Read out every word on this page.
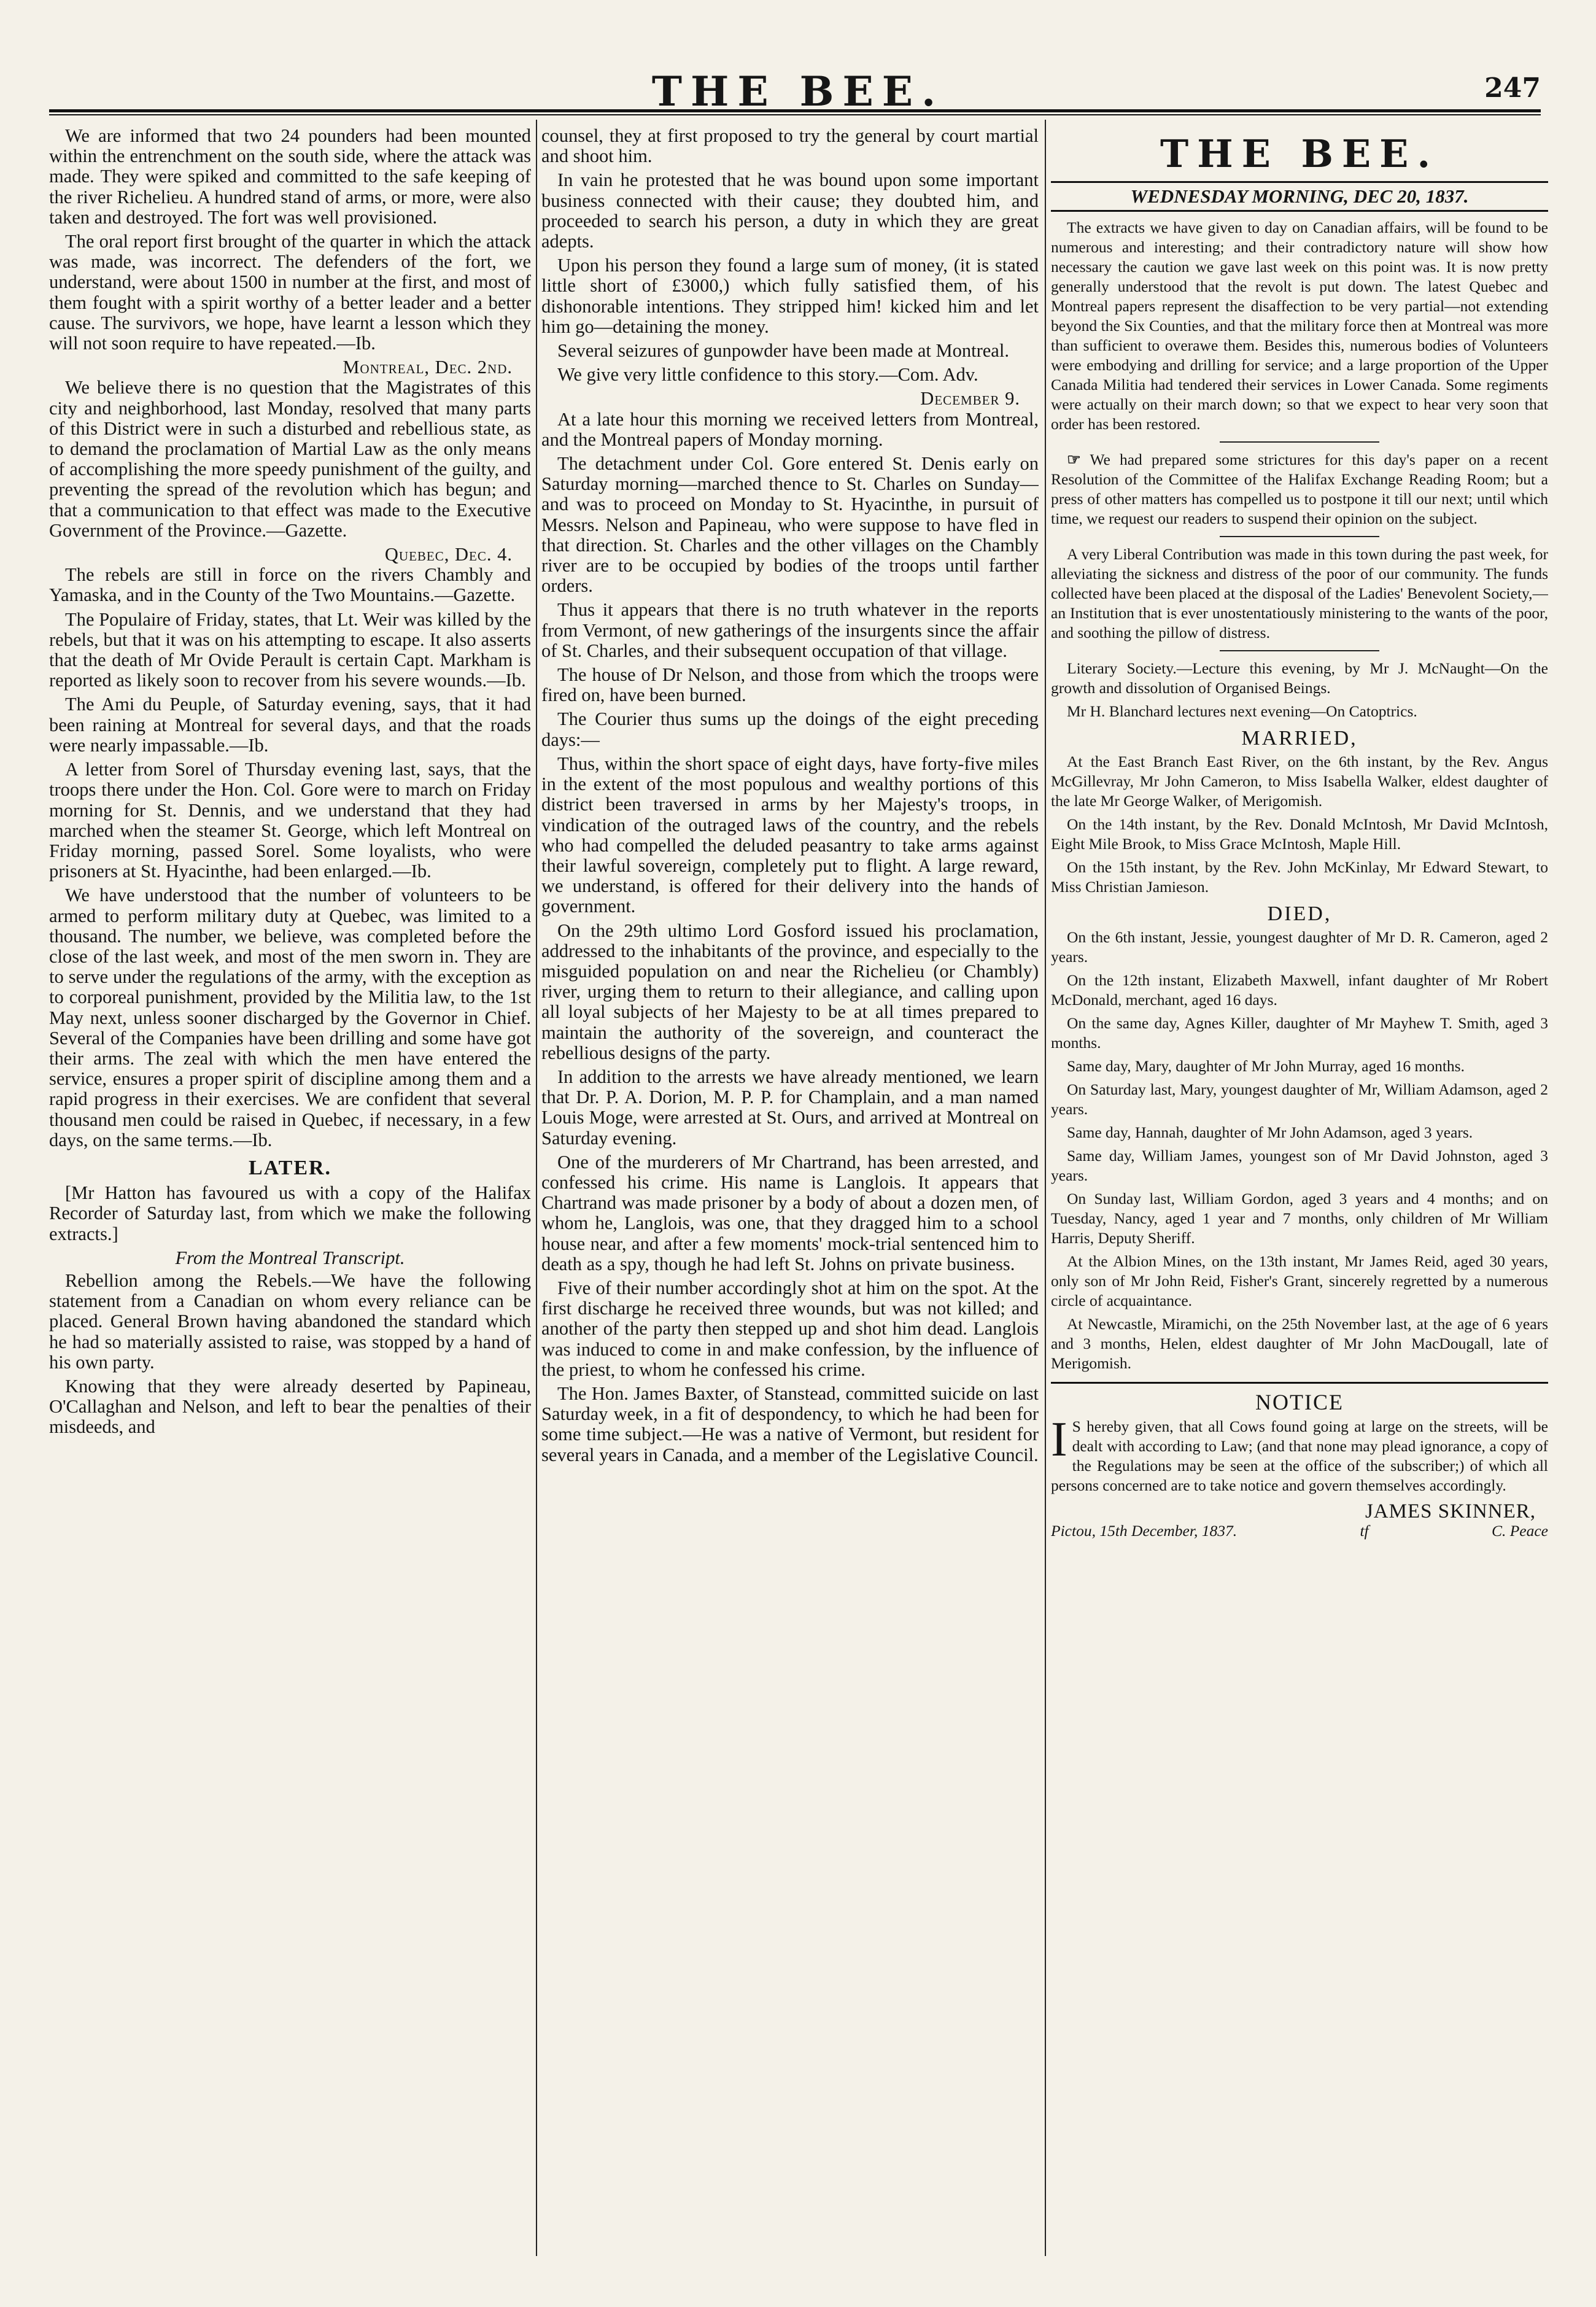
THE BEE.	247

We are informed that two 24 pounders had been mounted within the entrenchment on the south side, where the attack was made. They were spiked and committed to the safe keeping of the river Richelieu. A hundred stand of arms, or more, were also taken and destroyed. The fort was well provisioned.

The oral report first brought of the quarter in which the attack was made, was incorrect. The defenders of the fort, we understand, were about 1500 in number at the first, and most of them fought with a spirit worthy of a better leader and a better cause. The survivors, we hope, have learnt a lesson which they will not soon require to have repeated.—Ib.

Montreal, Dec. 2nd.

We believe there is no question that the Magistrates of this city and neighborhood, last Monday, resolved that many parts of this District were in such a disturbed and rebellious state, as to demand the proclamation of Martial Law as the only means of accomplishing the more speedy punishment of the guilty, and preventing the spread of the revolution which has begun; and that a communication to that effect was made to the Executive Government of the Province.—Gazette.

Quebec, Dec. 4.

The rebels are still in force on the rivers Chambly and Yamaska, and in the County of the Two Mountains.—Gazette.

The Populaire of Friday, states, that Lt. Weir was killed by the rebels, but that it was on his attempting to escape. It also asserts that the death of Mr Ovide Perault is certain Capt. Markham is reported as likely soon to recover from his severe wounds.—Ib.

The Ami du Peuple, of Saturday evening, says, that it had been raining at Montreal for several days, and that the roads were nearly impassable.—Ib.

A letter from Sorel of Thursday evening last, says, that the troops there under the Hon. Col. Gore were to march on Friday morning for St. Dennis, and we understand that they had marched when the steamer St. George, which left Montreal on Friday morning, passed Sorel. Some loyalists, who were prisoners at St. Hyacinthe, had been enlarged.—Ib.

We have understood that the number of volunteers to be armed to perform military duty at Quebec, was limited to a thousand. The number, we believe, was completed before the close of the last week, and most of the men sworn in. They are to serve under the regulations of the army, with the exception as to corporeal punishment, provided by the Militia law, to the 1st May next, unless sooner discharged by the Governor in Chief. Several of the Companies have been drilling and some have got their arms. The zeal with which the men have entered the service, ensures a proper spirit of discipline among them and a rapid progress in their exercises. We are confident that several thousand men could be raised in Quebec, if necessary, in a few days, on the same terms.—Ib.

LATER.

[Mr Hatton has favoured us with a copy of the Halifax Recorder of Saturday last, from which we make the following extracts.]

From the Montreal Transcript.

Rebellion among the Rebels.—We have the following statement from a Canadian on whom every reliance can be placed. General Brown having abandoned the standard which he had so materially assisted to raise, was stopped by a hand of his own party.

Knowing that they were already deserted by Papineau, O'Callaghan and Nelson, and left to bear the penalties of their misdeeds, and

counsel, they at first proposed to try the general by court martial and shoot him.

In vain he protested that he was bound upon some important business connected with their cause; they doubted him, and proceeded to search his person, a duty in which they are great adepts.

Upon his person they found a large sum of money, (it is stated little short of £3000,) which fully satisfied them, of his dishonorable intentions. They stripped him! kicked him and let him go—detaining the money.

Several seizures of gunpowder have been made at Montreal.

We give very little confidence to this story.—Com. Adv.

December 9.

At a late hour this morning we received letters from Montreal, and the Montreal papers of Monday morning.

The detachment under Col. Gore entered St. Denis early on Saturday morning—marched thence to St. Charles on Sunday—and was to proceed on Monday to St. Hyacinthe, in pursuit of Messrs. Nelson and Papineau, who were suppose to have fled in that direction. St. Charles and the other villages on the Chambly river are to be occupied by bodies of the troops until farther orders.

Thus it appears that there is no truth whatever in the reports from Vermont, of new gatherings of the insurgents since the affair of St. Charles, and their subsequent occupation of that village.

The house of Dr Nelson, and those from which the troops were fired on, have been burned.

The Courier thus sums up the doings of the eight preceding days:—

Thus, within the short space of eight days, have forty-five miles in the extent of the most populous and wealthy portions of this district been traversed in arms by her Majesty's troops, in vindication of the outraged laws of the country, and the rebels who had compelled the deluded peasantry to take arms against their lawful sovereign, completely put to flight. A large reward, we understand, is offered for their delivery into the hands of government.

On the 29th ultimo Lord Gosford issued his proclamation, addressed to the inhabitants of the province, and especially to the misguided population on and near the Richelieu (or Chambly) river, urging them to return to their allegiance, and calling upon all loyal subjects of her Majesty to be at all times prepared to maintain the authority of the sovereign, and counteract the rebellious designs of the party.

In addition to the arrests we have already mentioned, we learn that Dr. P. A. Dorion, M. P. P. for Champlain, and a man named Louis Moge, were arrested at St. Ours, and arrived at Montreal on Saturday evening.

One of the murderers of Mr Chartrand, has been arrested, and confessed his crime. His name is Langlois. It appears that Chartrand was made prisoner by a body of about a dozen men, of whom he, Langlois, was one, that they dragged him to a school house near, and after a few moments' mock-trial sentenced him to death as a spy, though he had left St. Johns on private business.

Five of their number accordingly shot at him on the spot. At the first discharge he received three wounds, but was not killed; and another of the party then stepped up and shot him dead. Langlois was induced to come in and make confession, by the influence of the priest, to whom he confessed his crime.

The Hon. James Baxter, of Stanstead, committed suicide on last Saturday week, in a fit of despondency, to which he had been for some time subject.—He was a native of Vermont, but resident for several years in Canada, and a member of the Legislative Council.

THE BEE.
WEDNESDAY MORNING, DEC 20, 1837.

The extracts we have given to day on Canadian affairs, will be found to be numerous and interesting; and their contradictory nature will show how necessary the caution we gave last week on this point was. It is now pretty generally understood that the revolt is put down. The latest Quebec and Montreal papers represent the disaffection to be very partial—not extending beyond the Six Counties, and that the military force then at Montreal was more than sufficient to overawe them. Besides this, numerous bodies of Volunteers were embodying and drilling for service; and a large proportion of the Upper Canada Militia had tendered their services in Lower Canada. Some regiments were actually on their march down; so that we expect to hear very soon that order has been restored.

☞ We had prepared some strictures for this day's paper on a recent Resolution of the Committee of the Halifax Exchange Reading Room; but a press of other matters has compelled us to postpone it till our next; until which time, we request our readers to suspend their opinion on the subject.

A very Liberal Contribution was made in this town during the past week, for alleviating the sickness and distress of the poor of our community. The funds collected have been placed at the disposal of the Ladies' Benevolent Society,—an Institution that is ever unostentatiously ministering to the wants of the poor, and soothing the pillow of distress.

Literary Society.—Lecture this evening, by Mr J. McNaught—On the growth and dissolution of Organised Beings.

Mr H. Blanchard lectures next evening—On Catoptrics.

MARRIED,

At the East Branch East River, on the 6th instant, by the Rev. Angus McGillevray, Mr John Cameron, to Miss Isabella Walker, eldest daughter of the late Mr George Walker, of Merigomish.

On the 14th instant, by the Rev. Donald McIntosh, Mr David McIntosh, Eight Mile Brook, to Miss Grace McIntosh, Maple Hill.

On the 15th instant, by the Rev. John McKinlay, Mr Edward Stewart, to Miss Christian Jamieson.

DIED,

On the 6th instant, Jessie, youngest daughter of Mr D. R. Cameron, aged 2 years.

On the 12th instant, Elizabeth Maxwell, infant daughter of Mr Robert McDonald, merchant, aged 16 days.

On the same day, Agnes Killer, daughter of Mr Mayhew T. Smith, aged 3 months.

Same day, Mary, daughter of Mr John Murray, aged 16 months.

On Saturday last, Mary, youngest daughter of Mr, William Adamson, aged 2 years.

Same day, Hannah, daughter of Mr John Adamson, aged 3 years.

Same day, William James, youngest son of Mr David Johnston, aged 3 years.

On Sunday last, William Gordon, aged 3 years and 4 months; and on Tuesday, Nancy, aged 1 year and 7 months, only children of Mr William Harris, Deputy Sheriff.

At the Albion Mines, on the 13th instant, Mr James Reid, aged 30 years, only son of Mr John Reid, Fisher's Grant, sincerely regretted by a numerous circle of acquaintance.

At Newcastle, Miramichi, on the 25th November last, at the age of 6 years and 3 months, Helen, eldest daughter of Mr John MacDougall, late of Merigomish.

NOTICE

I S hereby given, that all Cows found going at large on the streets, will be dealt with according to Law; (and that none may plead ignorance, a copy of the Regulations may be seen at the office of the subscriber;) of which all persons concerned are to take notice and govern themselves accordingly.

JAMES SKINNER,
Pictou, 15th December, 1837.	tf	C. Peace
